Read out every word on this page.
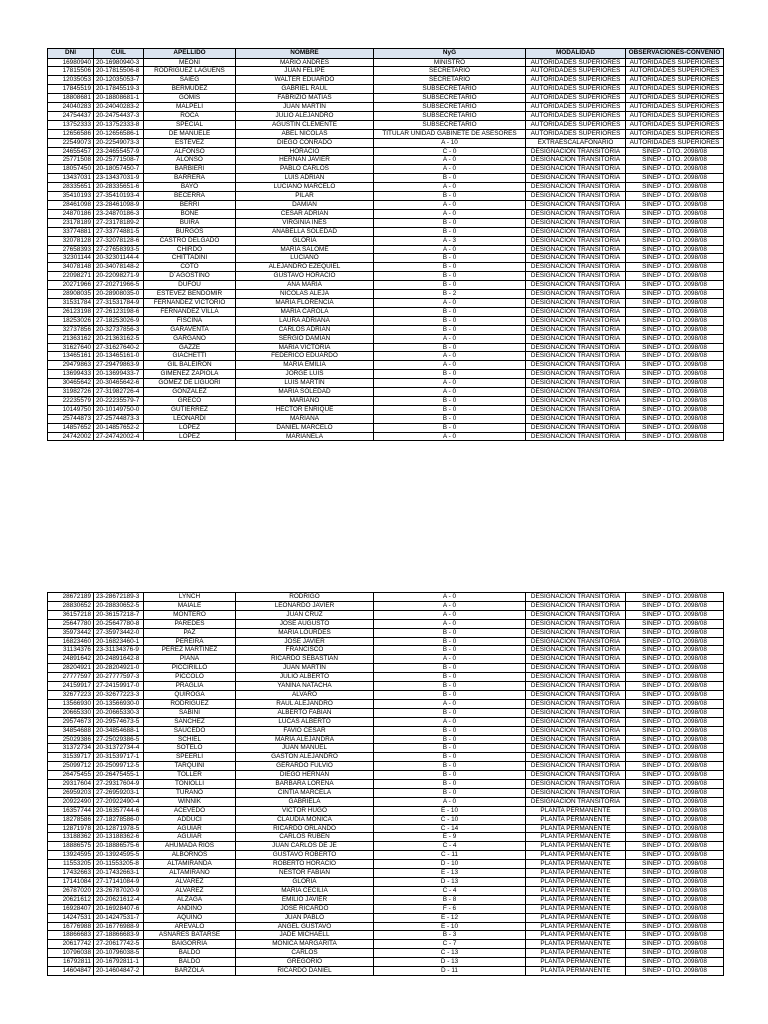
DNI	CUIL	APELLIDO	NOMBRE	NyG	MODALIDAD	OBSERVACIONES-CONVENIO
16980940	20-16980940-3	MEONI	MARIO ANDRÉS	MINISTRO	AUTORIDADES SUPERIORES	AUTORIDADES SUPERIORES
17815506	20-17815506-8	RODRIGUEZ LAGUENS	JUAN FELIPE	SECRETARIO	AUTORIDADES SUPERIORES	AUTORIDADES SUPERIORES
12035053	20-12035053-7	SAIEG	WALTER EDUARDO	SECRETARIO	AUTORIDADES SUPERIORES	AUTORIDADES SUPERIORES
17845519	20-17845519-3	BERMUDEZ	GABRIEL RAUL	SUBSECRETARIO	AUTORIDADES SUPERIORES	AUTORIDADES SUPERIORES
18808681	20-18808681-1	GOMIS	FABRIZIO MATIAS	SUBSECRETARIO	AUTORIDADES SUPERIORES	AUTORIDADES SUPERIORES
24040283	20-24040283-2	MALPELI	JUAN MARTÍN	SUBSECRETARIO	AUTORIDADES SUPERIORES	AUTORIDADES SUPERIORES
24754437	20-24754437-3	ROCA	JULIO ALEJANDRO	SUBSECRETARIO	AUTORIDADES SUPERIORES	AUTORIDADES SUPERIORES
13752333	20-13752333-8	SPECIAL	AGUSTIN CLEMENTE	SUBSECRETARIO	AUTORIDADES SUPERIORES	AUTORIDADES SUPERIORES
12656586	20-12656586-1	DE MANUELE	ABEL NICOLÁS	TITULAR UNIDAD GABINETE DE ASESORES	AUTORIDADES SUPERIORES	AUTORIDADES SUPERIORES
22549073	20-22549073-3	ESTEVEZ	DIEGO CONRADO	A - 10	EXTRAESCALAFONARIO	AUTORIDADES SUPERIORES
24655457	23-24655457-9	ALFONSO	HORACIO	C - 0	DESIGNACIÓN TRANSITORIA	SINEP - DTO. 2098/08
25771508	20-25771508-7	ALONSO	HERNAN JAVIER	A - 0	DESIGNACIÓN TRANSITORIA	SINEP - DTO. 2098/08
18057450	20-18057450-7	BARBIERI	PABLO CARLOS	A - 0	DESIGNACIÓN TRANSITORIA	SINEP - DTO. 2098/08
13437031	23-13437031-9	BARRERA	LUIS ADRIAN	B - 0	DESIGNACIÓN TRANSITORIA	SINEP - DTO. 2098/08
28335651	20-28335651-6	BAYO	LUCIANO MARCELO	A - 0	DESIGNACIÓN TRANSITORIA	SINEP - DTO. 2098/08
35410193	27-35410193-4	BECERRA	PILAR	B - 0	DESIGNACIÓN TRANSITORIA	SINEP - DTO. 2098/08
28461098	23-28461098-9	BERRI	DAMIAN	A - 0	DESIGNACIÓN TRANSITORIA	SINEP - DTO. 2098/08
24870186	23-24870186-3	BONE	CESAR ADRIAN	A - 0	DESIGNACIÓN TRANSITORIA	SINEP - DTO. 2098/08
23178189	27-23178189-2	BUIRA	VIRGINIA INES	B - 0	DESIGNACIÓN TRANSITORIA	SINEP - DTO. 2098/08
33774881	27-33774881-5	BURGOS	ANABELLA SOLEDAD	B - 0	DESIGNACIÓN TRANSITORIA	SINEP - DTO. 2098/08
32078128	27-32078128-6	CASTRO DELGADO	GLORIA	A - 3	DESIGNACIÓN TRANSITORIA	SINEP - DTO. 2098/08
27658393	27-27658393-5	CHIRDO	MARÍA SALOME	A - 0	DESIGNACIÓN TRANSITORIA	SINEP - DTO. 2098/08
32301144	20-32301144-4	CHITTADINI	LUCIANO	B - 0	DESIGNACIÓN TRANSITORIA	SINEP - DTO. 2098/08
34078148	20-34078148-2	COTO	ALEJANDRO EZEQUIEL	B - 0	DESIGNACIÓN TRANSITORIA	SINEP - DTO. 2098/08
22098271	20-22098271-9	D´AGOSTINO	GUSTAVO HORACIO	B - 0	DESIGNACIÓN TRANSITORIA	SINEP - DTO. 2098/08
20271966	27-20271966-5	DUFOU	ANA MARIA	B - 0	DESIGNACIÓN TRANSITORIA	SINEP - DTO. 2098/08
28908035	20-28908035-0	ESTEVEZ BENDOMIR	NICOLAS ALEJA	B - 2	DESIGNACIÓN TRANSITORIA	SINEP - DTO. 2098/08
31531784	27-31531784-9	FERNANDEZ VICTORIO	MARIA FLORENCIA	A - 0	DESIGNACIÓN TRANSITORIA	SINEP - DTO. 2098/08
26123198	27-26123198-6	FERNANDEZ VILLA	MARIA CAROLA	B - 0	DESIGNACIÓN TRANSITORIA	SINEP - DTO. 2098/08
18253026	27-18253026-9	FISCINA	LAURA ADRIANA	B - 0	DESIGNACIÓN TRANSITORIA	SINEP - DTO. 2098/08
32737856	20-32737856-3	GARAVENTA	CARLOS ADRIAN	B - 0	DESIGNACIÓN TRANSITORIA	SINEP - DTO. 2098/08
21363162	20-21363162-5	GARGANO	SERGIO DAMIAN	A - 0	DESIGNACIÓN TRANSITORIA	SINEP - DTO. 2098/08
31627640	27-31627640-2	GAZZE	MARIA VICTORIA	B - 0	DESIGNACIÓN TRANSITORIA	SINEP - DTO. 2098/08
13465161	20-13465161-0	GIACHETTI	FEDERICO EDUARDO	A - 0	DESIGNACIÓN TRANSITORIA	SINEP - DTO. 2098/08
29479863	27-29479863-9	GIL BALEIRON	MARIA EMILIA	A - 0	DESIGNACIÓN TRANSITORIA	SINEP - DTO. 2098/08
13699433	20-13699433-7	GIMENEZ ZAPIOLA	JORGE LUIS	B - 0	DESIGNACIÓN TRANSITORIA	SINEP - DTO. 2098/08
30465642	20-30465642-6	GOMEZ DE LIGUORI	LUIS MARTÍN	A - 0	DESIGNACIÓN TRANSITORIA	SINEP - DTO. 2098/08
31982726	27-31982726-4	GONZALEZ	MARIA SOLEDAD	A - 0	DESIGNACIÓN TRANSITORIA	SINEP - DTO. 2098/08
22235579	20-22235579-7	GRECO	MARIANO	B - 0	DESIGNACIÓN TRANSITORIA	SINEP - DTO. 2098/08
10149750	20-10149750-0	GUTIERREZ	HECTOR ENRIQUE	B - 0	DESIGNACIÓN TRANSITORIA	SINEP - DTO. 2098/08
25744873	27-25744873-3	LEONARDI	MARIANA	B - 0	DESIGNACIÓN TRANSITORIA	SINEP - DTO. 2098/08
14857652	20-14857652-2	LOPEZ	DANIEL MARCELO	B - 0	DESIGNACIÓN TRANSITORIA	SINEP - DTO. 2098/08
24742002	27-24742002-4	LOPEZ	MARIANELA	A - 0	DESIGNACIÓN TRANSITORIA	SINEP - DTO. 2098/08
28672189	23-28672189-3	LYNCH	RODRIGO	A - 0	DESIGNACIÓN TRANSITORIA	SINEP - DTO. 2098/08
28830652	20-28830652-5	MAIALE	LEONARDO JAVIER	A - 0	DESIGNACIÓN TRANSITORIA	SINEP - DTO. 2098/08
36157218	20-36157218-7	MONTERO	JUAN CRUZ	A - 0	DESIGNACIÓN TRANSITORIA	SINEP - DTO. 2098/08
25647780	20-25647780-8	PAREDES	JOSE AUGUSTO	A - 0	DESIGNACIÓN TRANSITORIA	SINEP - DTO. 2098/08
35973442	27-35973442-0	PAZ	MARIA LOURDES	B - 0	DESIGNACIÓN TRANSITORIA	SINEP - DTO. 2098/08
16823460	20-16823460-1	PEREIRA	JOSE JAVIER	B - 0	DESIGNACIÓN TRANSITORIA	SINEP - DTO. 2098/08
31134376	23-31134376-9	PEREZ MARTINEZ	FRANCISCO	B - 0	DESIGNACIÓN TRANSITORIA	SINEP - DTO. 2098/08
24891642	20-24891642-8	PIANA	RICARDO SEBASTIAN	A - 0	DESIGNACIÓN TRANSITORIA	SINEP - DTO. 2098/08
28204921	20-28204921-0	PICCIRILLO	JUAN MARTÍN	B - 0	DESIGNACIÓN TRANSITORIA	SINEP - DTO. 2098/08
27777597	20-27777597-3	PICCOLO	JULIO ALBERTO	B - 0	DESIGNACIÓN TRANSITORIA	SINEP - DTO. 2098/08
24159917	27-24159917-0	PRAGLIA	YANINA NATACHA	B - 0	DESIGNACIÓN TRANSITORIA	SINEP - DTO. 2098/08
32677223	20-32677223-3	QUIROGA	ALVARO	B - 0	DESIGNACIÓN TRANSITORIA	SINEP - DTO. 2098/08
13566930	20-13566930-0	RODRIGUEZ	RAUL ALEJANDRO	A - 0	DESIGNACIÓN TRANSITORIA	SINEP - DTO. 2098/08
20665330	20-20665330-3	SABINI	ALBERTO FABIAN	B - 0	DESIGNACIÓN TRANSITORIA	SINEP - DTO. 2098/08
29574673	20-29574673-5	SANCHEZ	LUCAS ALBERTO	A - 0	DESIGNACIÓN TRANSITORIA	SINEP - DTO. 2098/08
34854688	20-34854688-1	SAUCEDO	FAVIO CESAR	B - 0	DESIGNACIÓN TRANSITORIA	SINEP - DTO. 2098/08
25029386	27-25029386-5	SCHIEL	MARÍA ALEJANDRA	B - 0	DESIGNACIÓN TRANSITORIA	SINEP - DTO. 2098/08
31372734	20-31372734-4	SOTELO	JUAN MANUEL	B - 0	DESIGNACIÓN TRANSITORIA	SINEP - DTO. 2098/08
31539717	20-31539717-1	SPEERLI	GASTON ALEJANDRO	B - 0	DESIGNACIÓN TRANSITORIA	SINEP - DTO. 2098/08
25099712	20-25099712-5	TARQUINI	GERARDO FULVIO	B - 0	DESIGNACIÓN TRANSITORIA	SINEP - DTO. 2098/08
26475455	20-26475455-1	TOLLER	DIEGO HERNAN	B - 0	DESIGNACIÓN TRANSITORIA	SINEP - DTO. 2098/08
29317604	27-29317604-9	TONIOLLI	BARBARA LORENA	B - 0	DESIGNACIÓN TRANSITORIA	SINEP - DTO. 2098/08
26959203	27-26959203-1	TURANO	CINTIA MARCELA	B - 0	DESIGNACIÓN TRANSITORIA	SINEP - DTO. 2098/08
20922490	27-20922490-4	WINNIK	GABRIELA	A - 0	DESIGNACIÓN TRANSITORIA	SINEP - DTO. 2098/08
16357744	20-16357744-6	ACEVEDO	VICTOR HUGO	E - 10	PLANTA PERMANENTE	SINEP - DTO. 2098/08
18278586	27-18278586-0	ADDUCI	CLAUDIA MONICA	C - 10	PLANTA PERMANENTE	SINEP - DTO. 2098/08
12871978	20-12871978-5	AGUIAR	RICARDO ORLANDO	C - 14	PLANTA PERMANENTE	SINEP - DTO. 2098/08
13188362	20-13188362-6	AGUIAR	CARLOS RUBEN	E - 9	PLANTA PERMANENTE	SINEP - DTO. 2098/08
18886575	20-18886575-6	AHUMADA RIOS	JUAN CARLOS DE JE	C - 4	PLANTA PERMANENTE	SINEP - DTO. 2098/08
13924595	20-13924595-5	ALBORNOS	GUSTAVO ROBERTO	C - 11	PLANTA PERMANENTE	SINEP - DTO. 2098/08
11553205	20-11553205-8	ALTAMIRANDA	ROBERTO HORACIO	D - 10	PLANTA PERMANENTE	SINEP - DTO. 2098/08
17432663	20-17432663-1	ALTAMIRANO	NESTOR FABIAN	E - 13	PLANTA PERMANENTE	SINEP - DTO. 2098/08
17141084	27-17141084-9	ALVAREZ	GLORIA	D - 13	PLANTA PERMANENTE	SINEP - DTO. 2098/08
26787020	23-26787020-9	ALVAREZ	MARIA CECILIA	C - 4	PLANTA PERMANENTE	SINEP - DTO. 2098/08
20621612	20-20621612-4	ALZAGA	EMILIO JAVIER	B - 8	PLANTA PERMANENTE	SINEP - DTO. 2098/08
16928407	20-16928407-6	ANDINO	JOSE RICARDO	F - 6	PLANTA PERMANENTE	SINEP - DTO. 2098/08
14247531	20-14247531-7	AQUINO	JUAN PABLO	E - 12	PLANTA PERMANENTE	SINEP - DTO. 2098/08
16776988	20-16776988-9	AREVALO	ANGEL GUSTAVO	E - 10	PLANTA PERMANENTE	SINEP - DTO. 2098/08
18866683	27-18866683-9	ASNARES BATARSE	JADE MICHAELL	B - 3	PLANTA PERMANENTE	SINEP - DTO. 2098/08
20617742	27-20617742-5	BAIGORRIA	MONICA MARGARITA	C - 7	PLANTA PERMANENTE	SINEP - DTO. 2098/08
10796038	20-10796038-5	BALDO	CARLOS	C - 13	PLANTA PERMANENTE	SINEP - DTO. 2098/08
16792811	20-16792811-1	BALDO	GREGORIO	D - 13	PLANTA PERMANENTE	SINEP - DTO. 2098/08
14604847	20-14604847-2	BARZOLA	RICARDO DANIEL	D - 11	PLANTA PERMANENTE	SINEP - DTO. 2098/08
